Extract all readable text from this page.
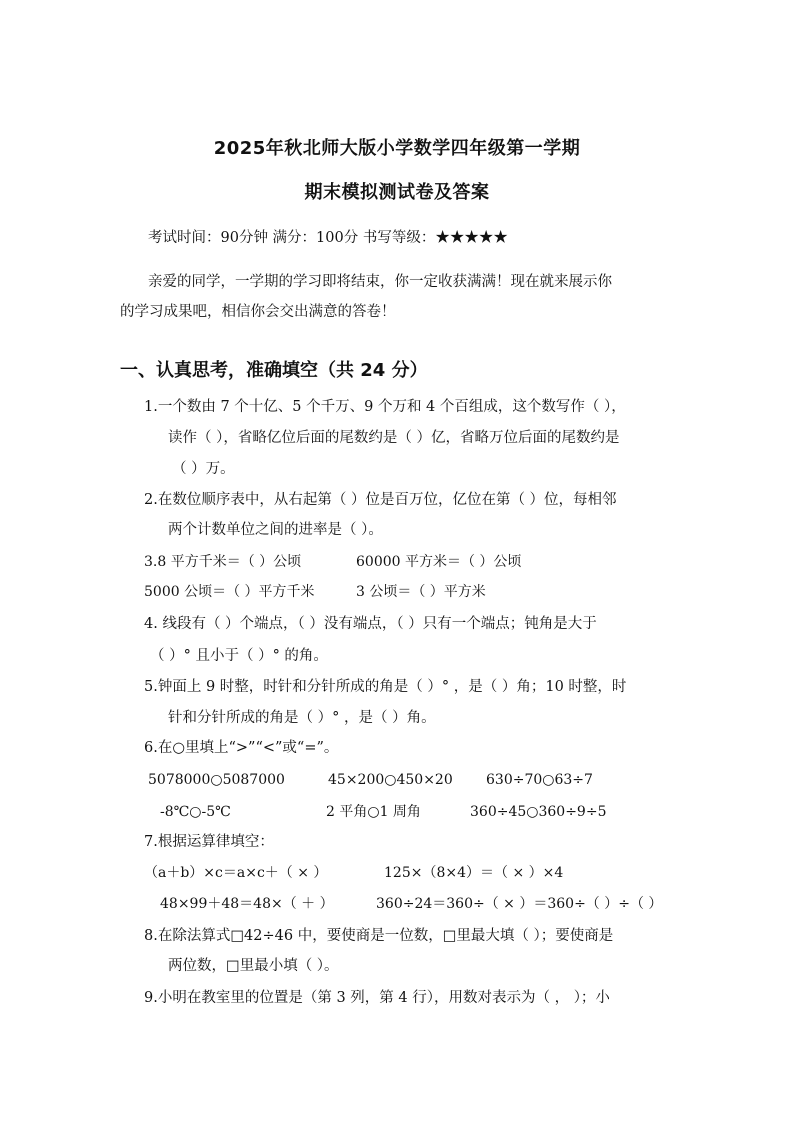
2025年秋北师大版小学数学四年级第一学期
期末模拟测试卷及答案
考试时间：90分钟 满分：100分 书写等级：★★★★★
亲爱的同学，一学期的学习即将结束，你一定收获满满！现在就来展示你
的学习成果吧，相信你会交出满意的答卷！
一、认真思考，准确填空（共 24 分）
1.一个数由 7 个十亿、5 个千万、9 个万和 4 个百组成，这个数写作（ ），
读作（ ），省略亿位后面的尾数约是（ ）亿，省略万位后面的尾数约是
（ ）万。
2.在数位顺序表中，从右起第（ ）位是百万位，亿位在第（ ）位，每相邻
两个计数单位之间的进率是（ ）。
3.8 平方千米＝（ ）公顷	60000 平方米＝（ ）公顷
5000 公顷＝（ ）平方千米	3 公顷＝（ ）平方米
4. 线段有（ ）个端点，（ ）没有端点，（ ）只有一个端点；钝角是大于
（ ）° 且小于（ ）° 的角。
5.钟面上 9 时整，时针和分针所成的角是（ ）° ，是（ ）角；10 时整，时
针和分针所成的角是（ ）° ，是（ ）角。
6.在○里填上“>”“<”或“=”。
5078000○5087000	45×200○450×20 630÷70○63÷7
-8℃○-5℃	2 平角○1 周角	360÷45○360÷9÷5
7.根据运算律填空：
（a＋b）×c＝a×c＋（ × ）	125×（8×4）＝（ × ）×4
48×99＋48＝48×（ ＋ ）	360÷24＝360÷（ × ）＝360÷（ ）÷（ ）
8.在除法算式□42÷46 中，要使商是一位数，□里最大填（ ）；要使商是
两位数，□里最小填（ ）。
9.小明在教室里的位置是（第 3 列，第 4 行），用数对表示为（ ， ）；小
